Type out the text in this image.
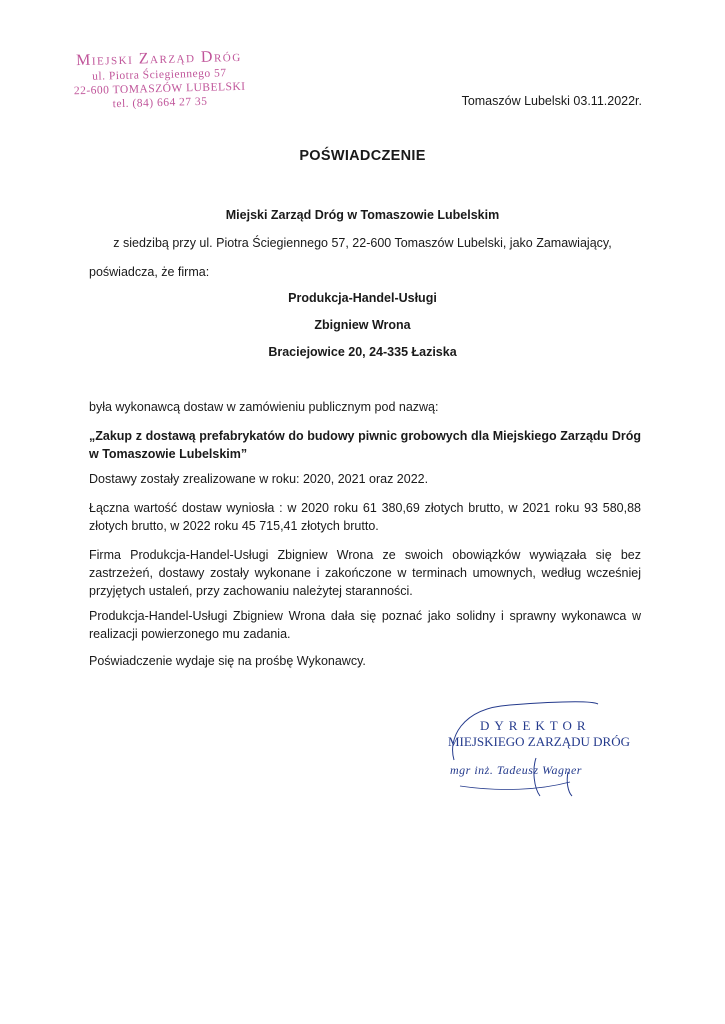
Miejski Zarząd Dróg
ul. Piotra Ściegiennego 57
22-600 TOMASZÓW LUBELSKI
tel. (84) 664 27 35	Tomaszów Lubelski 03.11.2022r.
POŚWIADCZENIE
Miejski Zarząd Dróg w Tomaszowie Lubelskim
z siedzibą przy ul. Piotra Ściegiennego 57, 22-600 Tomaszów Lubelski, jako Zamawiający,
poświadcza, że firma:
Produkcja-Handel-Usługi
Zbigniew Wrona
Braciejowice 20, 24-335 Łaziska
była wykonawcą dostaw w zamówieniu publicznym pod nazwą:
„Zakup z dostawą prefabrykatów do budowy piwnic grobowych dla Miejskiego Zarządu Dróg w Tomaszowie Lubelskim”
Dostawy zostały zrealizowane w roku: 2020, 2021 oraz 2022.
Łączna wartość dostaw wyniosła : w 2020 roku 61 380,69 złotych brutto, w 2021 roku 93 580,88 złotych brutto, w 2022 roku 45 715,41 złotych brutto.
Firma Produkcja-Handel-Usługi Zbigniew Wrona ze swoich obowiązków wywiązała się bez zastrzeżeń, dostawy zostały wykonane i zakończone w terminach umownych, według wcześniej przyjętych ustaleń, przy zachowaniu należytej staranności.
Produkcja-Handel-Usługi Zbigniew Wrona dała się poznać jako solidny i sprawny wykonawca w realizacji powierzonego mu zadania.
Poświadczenie wydaje się na prośbę Wykonawcy.
DYREKTOR
MIEJSKIEGO ZARZĄDU DRÓG
mgr inż. Tadeusz Wagner
